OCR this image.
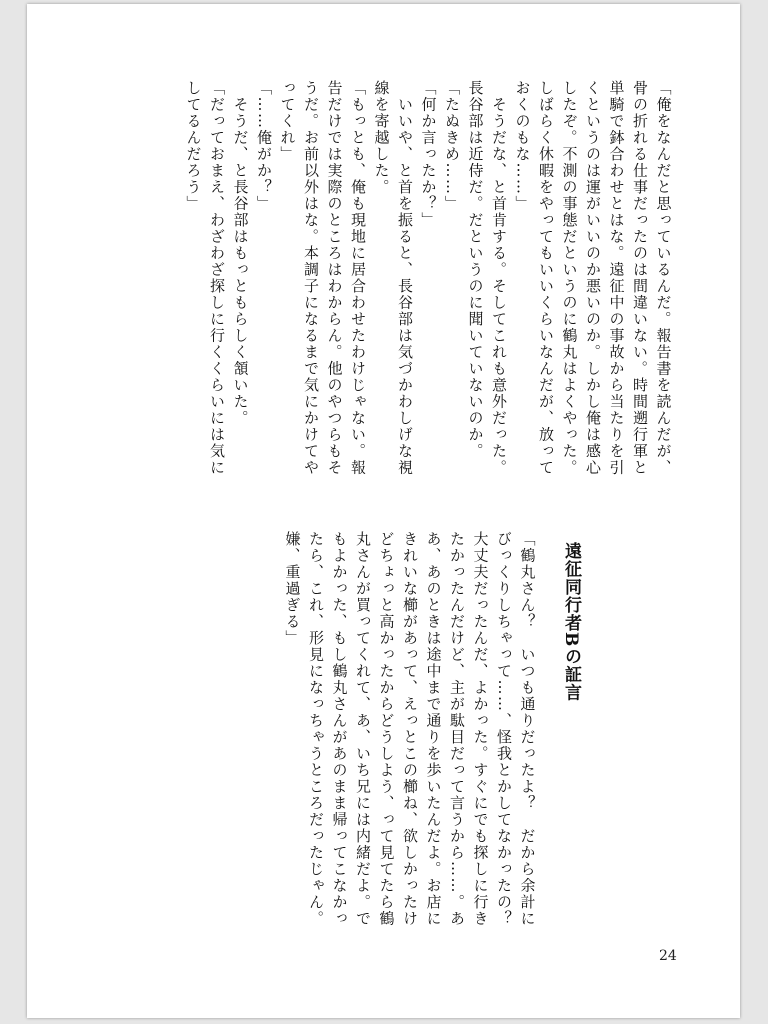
「俺をなんだと思っているんだ。報告書を読んだが、
骨の折れる仕事だったのは間違いない。時間遡行軍と
単騎で鉢合わせとはな。遠征中の事故から当たりを引
くというのは運がいいのか悪いのか。しかし俺は感心
したぞ。不測の事態だというのに鶴丸はよくやった。
しばらく休暇をやってもいいくらいなんだが、放って
おくのもな……」
　そうだな、と首肯する。そしてこれも意外だった。
長谷部は近侍だ。だというのに聞いていないのか。
「たぬきめ……」
「何か言ったか？」
　いいや、と首を振ると、長谷部は気づかわしげな視
線を寄越した。
「もっとも、俺も現地に居合わせたわけじゃない。報
告だけでは実際のところはわからん。他のやつらもそ
うだ。お前以外はな。本調子になるまで気にかけてや
ってくれ」
「……俺がか？」
　そうだ、と長谷部はもっともらしく頷いた。
「だっておまえ、わざわざ探しに行くくらいには気に
してるんだろう」
遠征同行者Bの証言
「鶴丸さん？　いつも通りだったよ？　だから余計に
びっくりしちゃって……、怪我とかしてなかったの？
大丈夫だったんだ、よかった。すぐにでも探しに行き
たかったんだけど、主が駄目だって言うから……。あ
あ、あのときは途中まで通りを歩いたんだよ。お店に
きれいな櫛があって、えっとこの櫛ね、欲しかったけ
どちょっと高かったからどうしよう、って見てたら鶴
丸さんが買ってくれて、あ、いち兄には内緒だよ。で
もよかった、もし鶴丸さんがあのまま帰ってこなかっ
たら、これ、形見になっちゃうところだったじゃん。
嫌、重過ぎる」
24
